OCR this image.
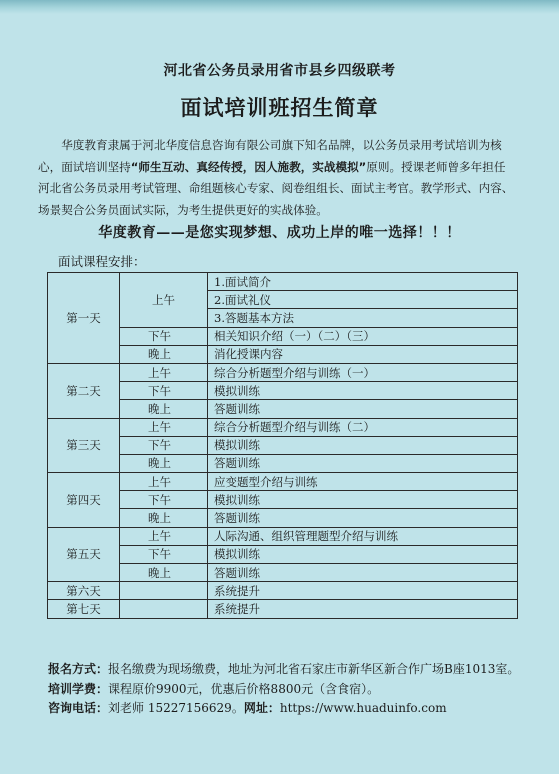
河北省公务员录用省市县乡四级联考
面试培训班招生简章
华度教育隶属于河北华度信息咨询有限公司旗下知名品牌，以公务员录用考试培训为核心，面试培训坚持“师生互动、真经传授，因人施教，实战模拟”原则。授课老师曾多年担任河北省公务员录用考试管理、命组题核心专家、阅卷组组长、面试主考官。教学形式、内容、场景契合公务员面试实际，为考生提供更好的实战体验。
华度教育——是您实现梦想、成功上岸的唯一选择！！！
面试课程安排：
第一天	上午	1.面试简介
		2.面试礼仪
		3.答题基本方法
	下午	相关知识介绍（一）（二）（三）
	晚上	消化授课内容
第二天	上午	综合分析题型介绍与训练（一）
	下午	模拟训练
	晚上	答题训练
第三天	上午	综合分析题型介绍与训练（二）
	下午	模拟训练
	晚上	答题训练
第四天	上午	应变题型介绍与训练
	下午	模拟训练
	晚上	答题训练
第五天	上午	人际沟通、组织管理题型介绍与训练
	下午	模拟训练
	晚上	答题训练
第六天		系统提升
第七天		系统提升
报名方式： 报名缴费为现场缴费，地址为河北省石家庄市新华区新合作广场B座1013室。
培训学费： 课程原价9900元，优惠后价格8800元（含食宿）。
咨询电话： 刘老师 15227156629。网址：https://www.huaduinfo.com
